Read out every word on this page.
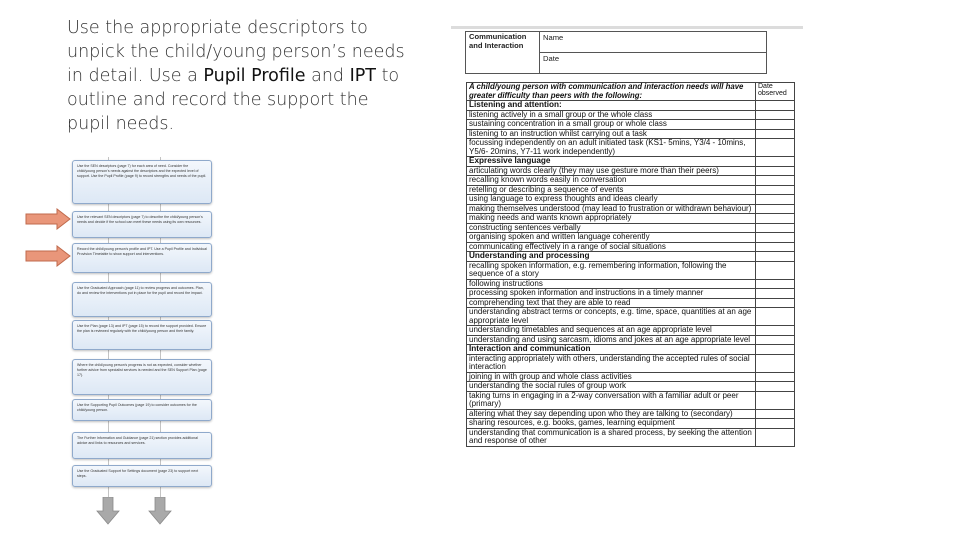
Use the appropriate descriptors to unpick the child/young person’s needs in detail. Use a Pupil Profile and IPT to outline and record the support the pupil needs.
Use the SEN descriptors (page 7) for each area of need. Consider the child/young person's needs against the descriptors and the expected level of support. Use the Pupil Profile (page 9) to record strengths and needs of the pupil.
Use the relevant SEN descriptors (page 7) to describe the child/young person's needs and decide if the school can meet these needs using its own resources.
Record the child/young person's profile and IPT. Use a Pupil Profile and Individual Provision Timetable to show support and interventions.
Use the Graduated Approach (page 11) to review progress and outcomes. Plan, do and review the interventions put in place for the pupil and record the impact.
Use the Plan (page 13) and IPT (page 15) to record the support provided. Ensure the plan is reviewed regularly with the child/young person and their family.
Where the child/young person's progress is not as expected, consider whether further advice from specialist services is needed and the SEN Support Plan (page 17).
Use the Supporting Pupil Outcomes (page 19) to consider outcomes for the child/young person.
The Further Information and Guidance (page 21) section provides additional advice and links to resources and services.
Use the Graduated Support for Settings document (page 23) to support next steps.
Communication and Interaction	Name
Date
A child/young person with communication and interaction needs will have greater difficulty than peers with the following:	Date observed
Listening and attention:	
listening actively in a small group or the whole class	
sustaining concentration in a small group or whole class	
listening to an instruction whilst carrying out a task	
focussing independently on an adult initiated task (KS1- 5mins, Y3/4 - 10mins, Y5/6- 20mins, Y7-11 work independently)	
Expressive language	
articulating words clearly (they may use gesture more than their peers)	
recalling known words easily in conversation	
retelling or describing a sequence of events	
using language to express thoughts and ideas clearly	
making themselves understood (may lead to frustration or withdrawn behaviour)	
making needs and wants known appropriately	
constructing sentences verbally	
organising spoken and written language coherently	
communicating effectively in a range of social situations	
Understanding and processing	
recalling spoken information, e.g. remembering information, following the sequence of a story	
following instructions	
processing spoken information and instructions in a timely manner	
comprehending text that they are able to read	
understanding abstract terms or concepts, e.g. time, space, quantities at an age appropriate level	
understanding timetables and sequences at an age appropriate level	
understanding and using sarcasm, idioms and jokes at an age appropriate level	
Interaction and communication	
interacting appropriately with others, understanding the accepted rules of social interaction	
joining in with group and whole class activities	
understanding the social rules of group work	
taking turns in engaging in a 2-way conversation with a familiar adult or peer (primary)	
altering what they say depending upon who they are talking to (secondary)	
sharing resources, e.g. books, games, learning equipment	
understanding that communication is a shared process, by seeking the attention and response of other	
